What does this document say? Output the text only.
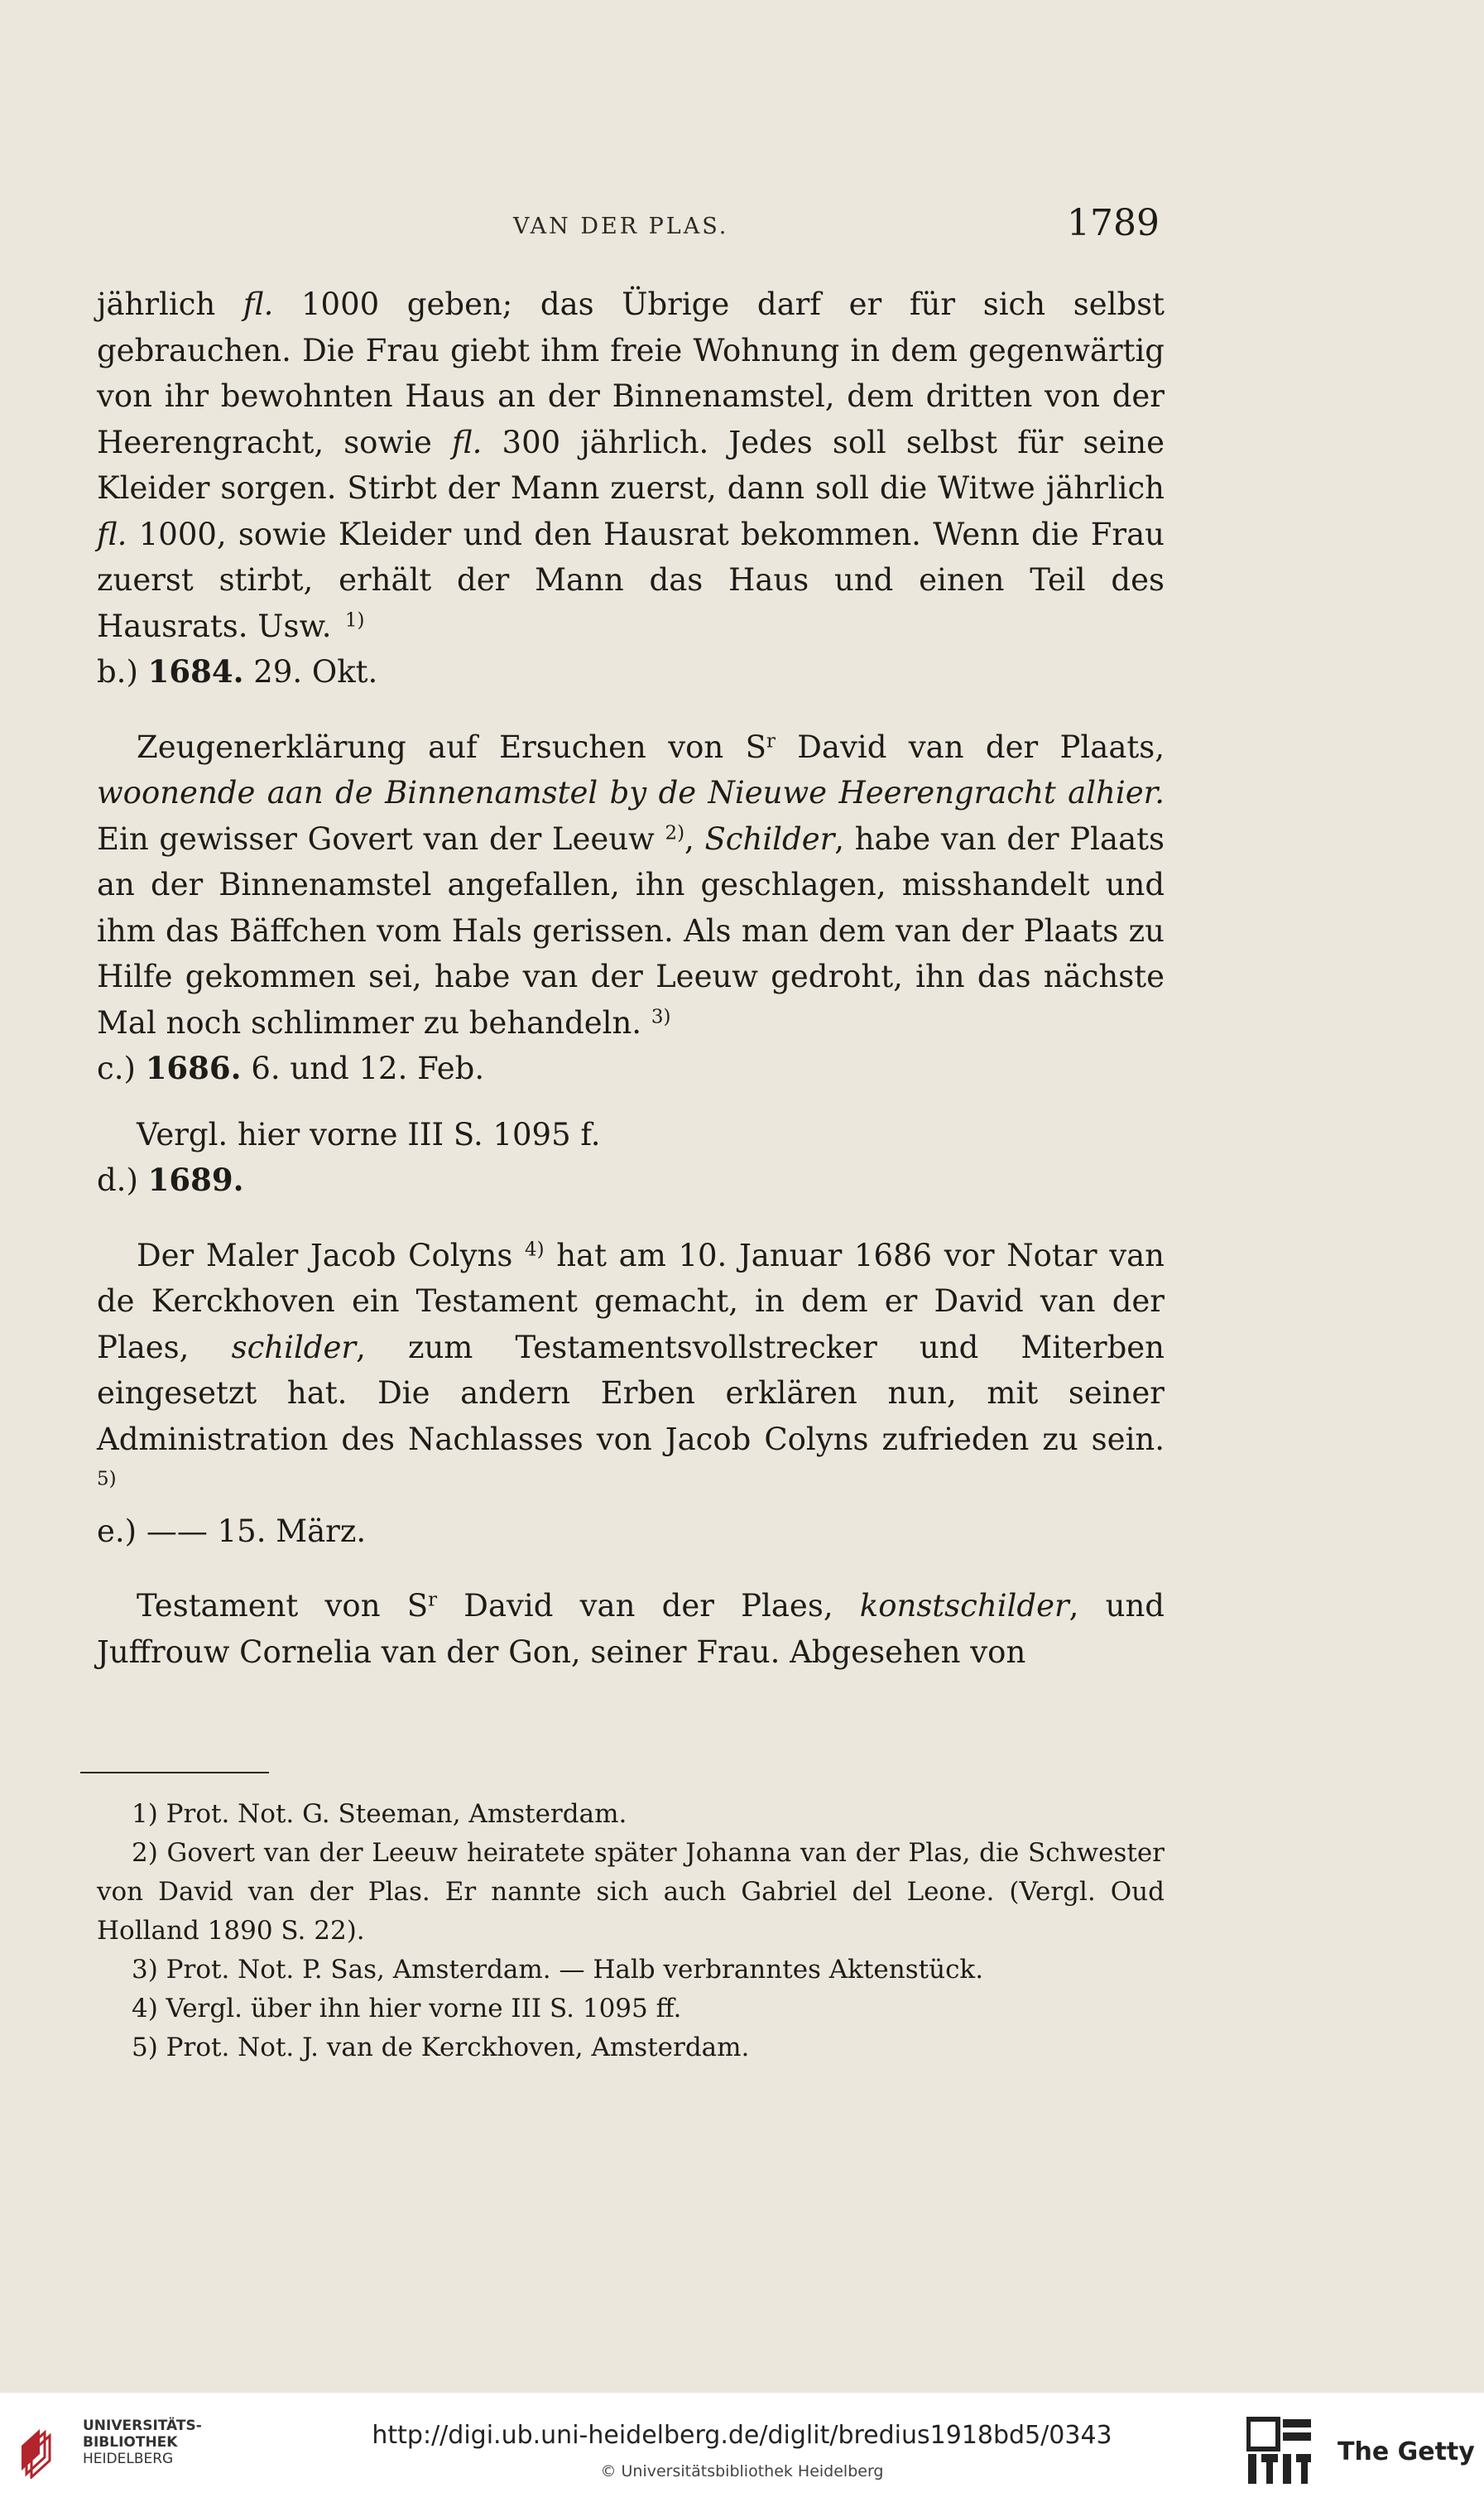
VAN DER PLAS.	1789

jährlich fl. 1000 geben; das Übrige darf er für sich selbst gebrauchen. Die Frau giebt ihm freie Wohnung in dem gegenwärtig von ihr bewohnten Haus an der Binnenamstel, dem dritten von der Heerengracht, sowie fl. 300 jährlich. Jedes soll selbst für seine Kleider sorgen. Stirbt der Mann zuerst, dann soll die Witwe jährlich fl. 1000, sowie Kleider und den Hausrat bekommen. Wenn die Frau zuerst stirbt, erhält der Mann das Haus und einen Teil des Hausrats. Usw.   $^{1)}$

b.) 1684. 29. Okt.

Zeugenerklärung auf Ersuchen von $S^r$ David van der Plaats, woonende aan de Binnenamstel by de Nieuwe Heerengracht alhier. Ein gewisser Govert van der Leeuw $^{2)}$, Schilder, habe van der Plaats an der Binnenamstel angefallen, ihn geschlagen, misshandelt und ihm das Bäffchen vom Hals gerissen. Als man dem van der Plaats zu Hilfe gekommen sei, habe van der Leeuw gedroht, ihn das nächste Mal noch schlimmer zu behandeln. $^{3)}$

c.) 1686. 6. und 12. Feb.

Vergl. hier vorne III S. 1095 f.

d.) 1689.

Der Maler Jacob Colyns $^{4)}$ hat am 10. Januar 1686 vor Notar van de Kerckhoven ein Testament gemacht, in dem er David van der Plaes, schilder, zum Testamentsvollstrecker und Miterben eingesetzt hat. Die andern Erben erklären nun, mit seiner Administration des Nachlasses von Jacob Colyns zufrieden zu sein. $^{5)}$

e.) —— 15. März.

Testament von $S^r$ David van der Plaes, konstschilder, und Juffrouw Cornelia van der Gon, seiner Frau. Abgesehen von

1) Prot. Not. G. Steeman, Amsterdam.

2) Govert van der Leeuw heiratete später Johanna van der Plas, die Schwester von David van der Plas. Er nannte sich auch Gabriel del Leone. (Vergl. Oud Holland 1890 S. 22).

3) Prot. Not. P. Sas, Amsterdam. — Halb verbranntes Aktenstück.

4) Vergl. über ihn hier vorne III S. 1095 ff.

5) Prot. Not. J. van de Kerckhoven, Amsterdam.

UNIVERSITÄTS-
BIBLIOTHEK
HEIDELBERG
http://digi.ub.uni-heidelberg.de/diglit/bredius1918bd5/0343
© Universitätsbibliothek Heidelberg
The Getty
